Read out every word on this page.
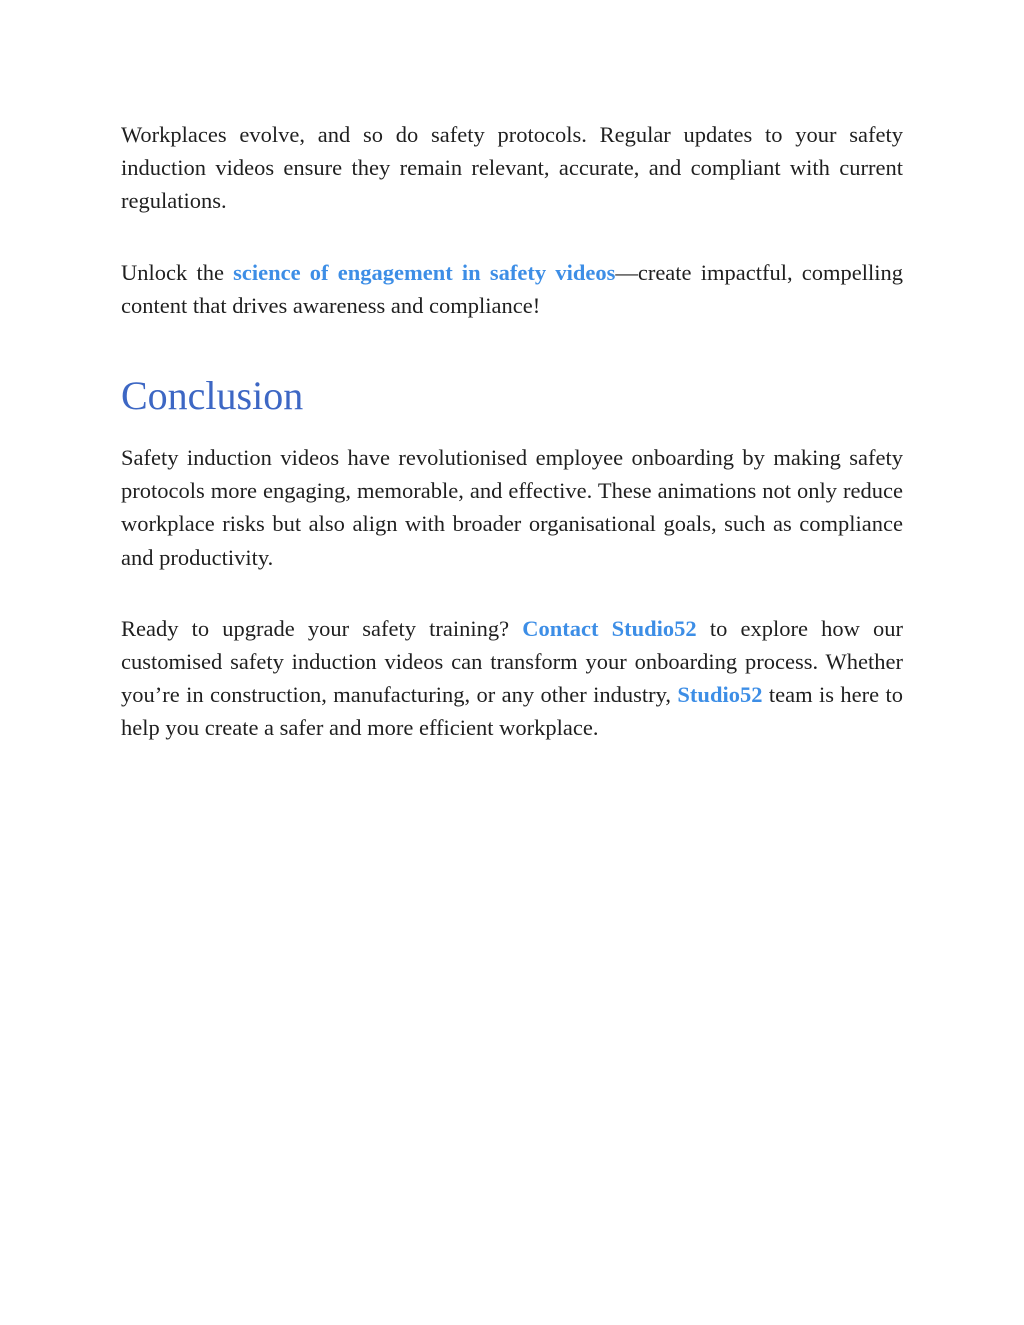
Workplaces evolve, and so do safety protocols. Regular updates to your safety induction videos ensure they remain relevant, accurate, and compliant with current regulations.

Unlock the science of engagement in safety videos—create impactful, compelling content that drives awareness and compliance!

Conclusion

Safety induction videos have revolutionised employee onboarding by making safety protocols more engaging, memorable, and effective. These animations not only reduce workplace risks but also align with broader organisational goals, such as compliance and productivity.

Ready to upgrade your safety training? Contact Studio52 to explore how our customised safety induction videos can transform your onboarding process. Whether you’re in construction, manufacturing, or any other industry, Studio52 team is here to help you create a safer and more efficient workplace.
